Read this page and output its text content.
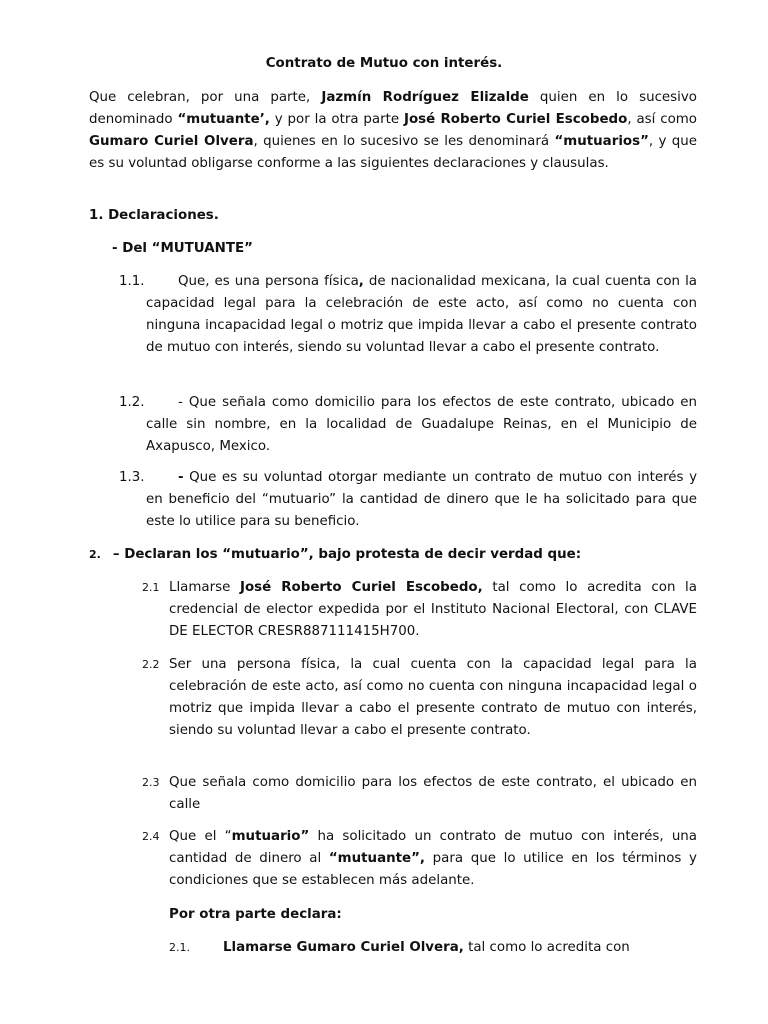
Contrato de Mutuo con interés.
Que celebran, por una parte, Jazmín Rodríguez Elizalde quien en lo sucesivo denominado “mutuante’, y por la otra parte José Roberto Curiel Escobedo, así como Gumaro Curiel Olvera, quienes en lo sucesivo se les denominará “mutuarios”, y que es su voluntad obligarse conforme a las siguientes declaraciones y clausulas.
1. Declaraciones.
- Del “MUTUANTE”
1.1. Que, es una persona física, de nacionalidad mexicana, la cual cuenta con la capacidad legal para la celebración de este acto, así como no cuenta con ninguna incapacidad legal o motriz que impida llevar a cabo el presente contrato de mutuo con interés, siendo su voluntad llevar a cabo el presente contrato.
1.2. - Que señala como domicilio para los efectos de este contrato, ubicado en calle sin nombre, en la localidad de Guadalupe Reinas, en el Municipio de Axapusco, Mexico.
1.3. - Que es su voluntad otorgar mediante un contrato de mutuo con interés y en beneficio del “mutuario” la cantidad de dinero que le ha solicitado para que este lo utilice para su beneficio.
2. – Declaran los “mutuario”, bajo protesta de decir verdad que:
2.1 Llamarse José Roberto Curiel Escobedo, tal como lo acredita con la credencial de elector expedida por el Instituto Nacional Electoral, con CLAVE DE ELECTOR CRESR887111415H700.
2.2 Ser una persona física, la cual cuenta con la capacidad legal para la celebración de este acto, así como no cuenta con ninguna incapacidad legal o motriz que impida llevar a cabo el presente contrato de mutuo con interés, siendo su voluntad llevar a cabo el presente contrato.
2.3 Que señala como domicilio para los efectos de este contrato, el ubicado en calle
2.4 Que el “mutuario” ha solicitado un contrato de mutuo con interés, una cantidad de dinero al “mutuante”, para que lo utilice en los términos y condiciones que se establecen más adelante.
Por otra parte declara:
2.1. Llamarse Gumaro Curiel Olvera, tal como lo acredita con
